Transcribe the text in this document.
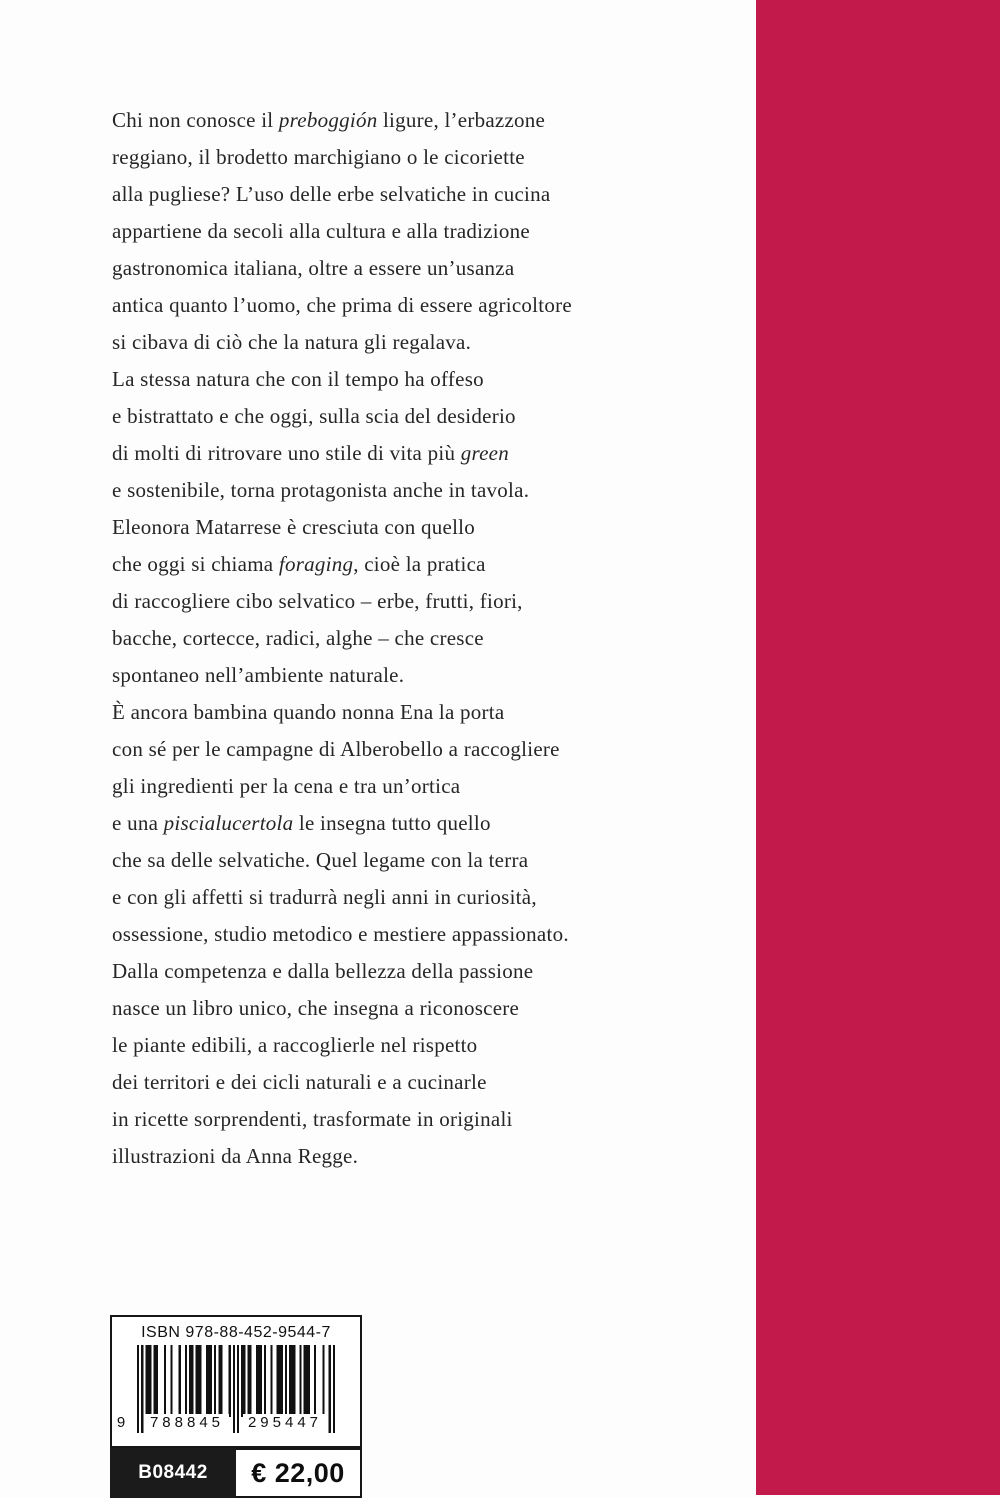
Chi non conosce il preboggión ligure, l’erbazzone
reggiano, il brodetto marchigiano o le cicoriette
alla pugliese? L’uso delle erbe selvatiche in cucina
appartiene da secoli alla cultura e alla tradizione
gastronomica italiana, oltre a essere un’usanza
antica quanto l’uomo, che prima di essere agricoltore
si cibava di ciò che la natura gli regalava.
La stessa natura che con il tempo ha offeso
e bistrattato e che oggi, sulla scia del desiderio
di molti di ritrovare uno stile di vita più green
e sostenibile, torna protagonista anche in tavola.
Eleonora Matarrese è cresciuta con quello
che oggi si chiama foraging, cioè la pratica
di raccogliere cibo selvatico – erbe, frutti, fiori,
bacche, cortecce, radici, alghe – che cresce
spontaneo nell’ambiente naturale.
È ancora bambina quando nonna Ena la porta
con sé per le campagne di Alberobello a raccogliere
gli ingredienti per la cena e tra un’ortica
e una piscialucertola le insegna tutto quello
che sa delle selvatiche. Quel legame con la terra
e con gli affetti si tradurrà negli anni in curiosità,
ossessione, studio metodico e mestiere appassionato.
Dalla competenza e dalla bellezza della passione
nasce un libro unico, che insegna a riconoscere
le piante edibili, a raccoglierle nel rispetto
dei territori e dei cicli naturali e a cucinarle
in ricette sorprendenti, trasformate in originali
illustrazioni da Anna Regge.
ISBN 978-88-452-9544-7
9	788845	295447
B08442	€ 22,00
